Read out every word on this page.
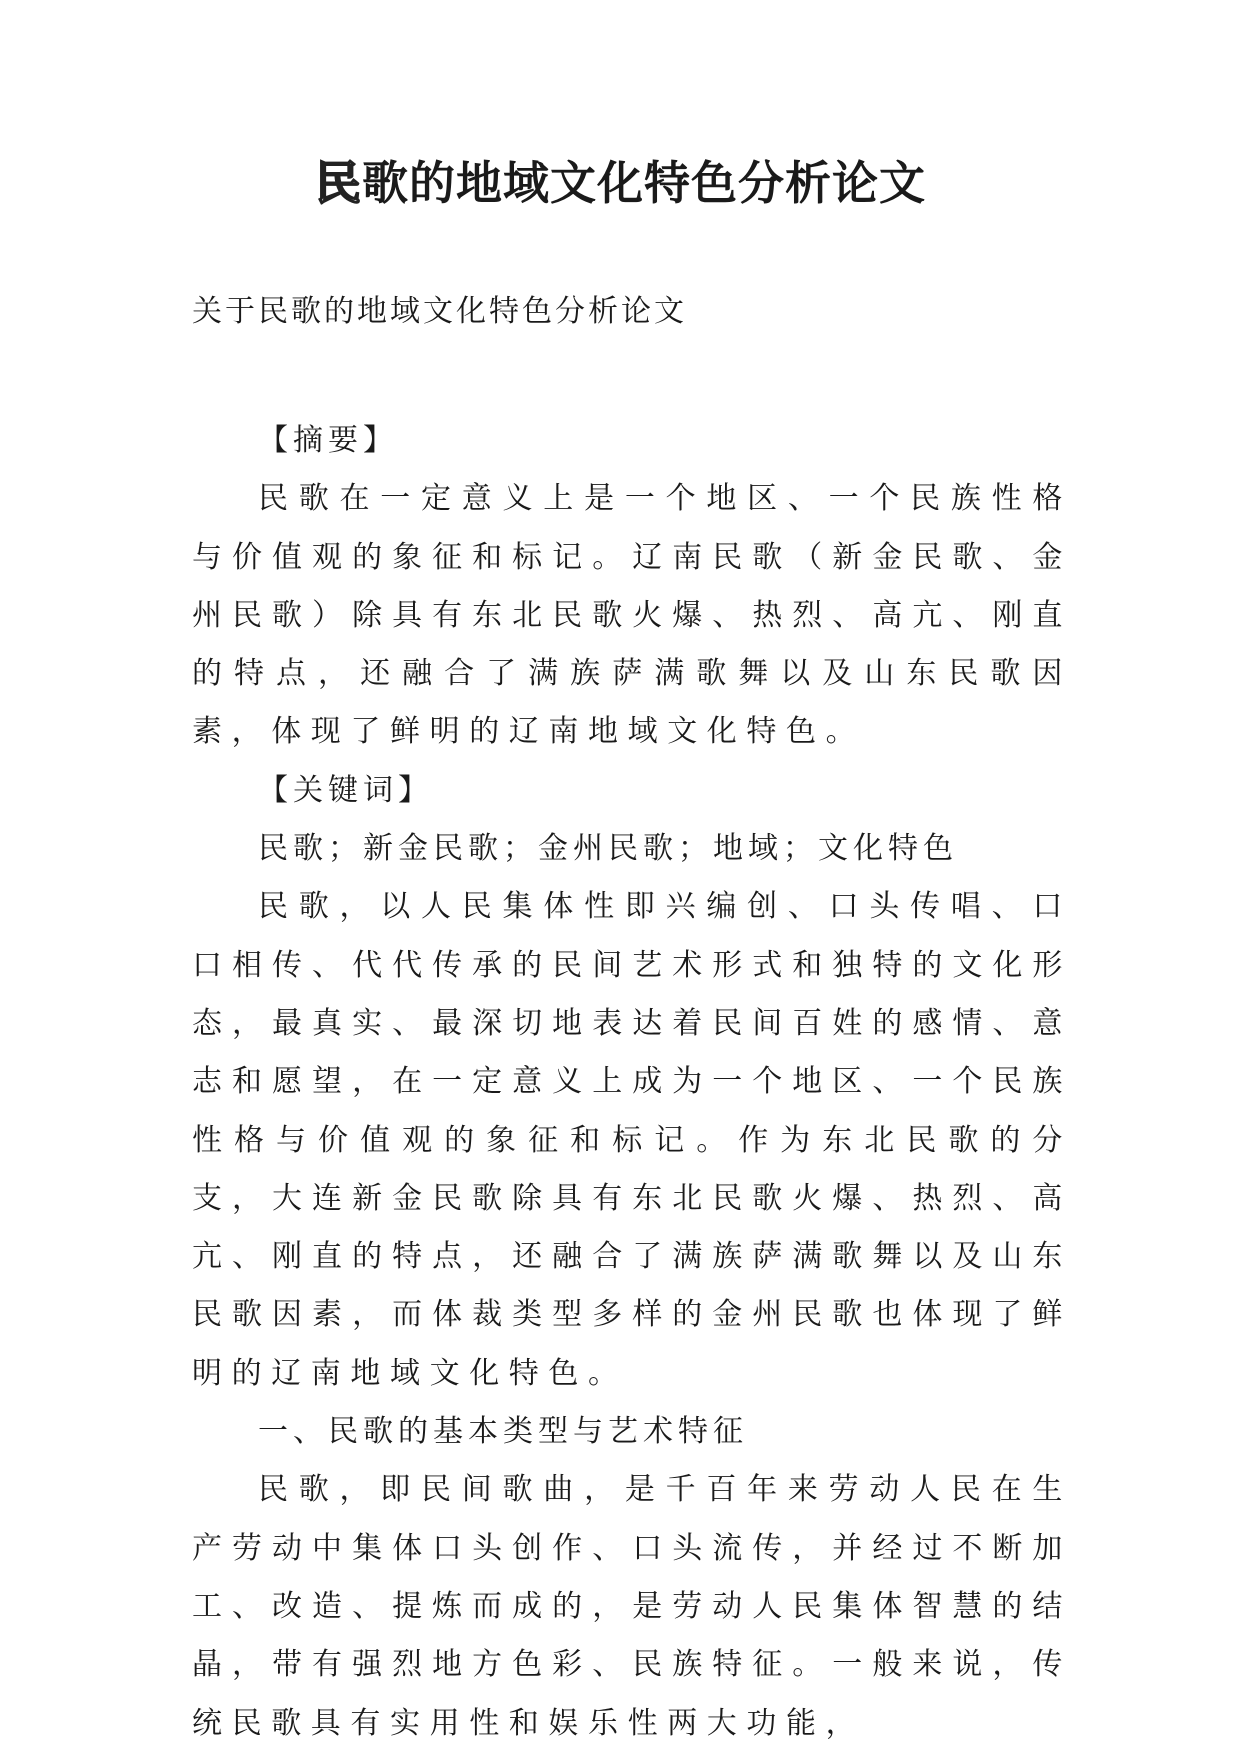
民歌的地域文化特色分析论文
关于民歌的地域文化特色分析论文

【摘要】

民歌在一定意义上是一个地区、一个民族性格与价值观的象征和标记。辽南民歌（新金民歌、金州民歌）除具有东北民歌火爆、热烈、高亢、刚直的特点，还融合了满族萨满歌舞以及山东民歌因素，体现了鲜明的辽南地域文化特色。

【关键词】

民歌；新金民歌；金州民歌；地域；文化特色

民歌，以人民集体性即兴编创、口头传唱、口口相传、代代传承的民间艺术形式和独特的文化形态，最真实、最深切地表达着民间百姓的感情、意志和愿望，在一定意义上成为一个地区、一个民族性格与价值观的象征和标记。作为东北民歌的分支，大连新金民歌除具有东北民歌火爆、热烈、高亢、刚直的特点，还融合了满族萨满歌舞以及山东民歌因素，而体裁类型多样的金州民歌也体现了鲜明的辽南地域文化特色。

一、民歌的基本类型与艺术特征

民歌，即民间歌曲，是千百年来劳动人民在生产劳动中集体口头创作、口头流传，并经过不断加工、改造、提炼而成的，是劳动人民集体智慧的结晶，带有强烈地方色彩、民族特征。一般来说，传统民歌具有实用性和娱乐性两大功能，
